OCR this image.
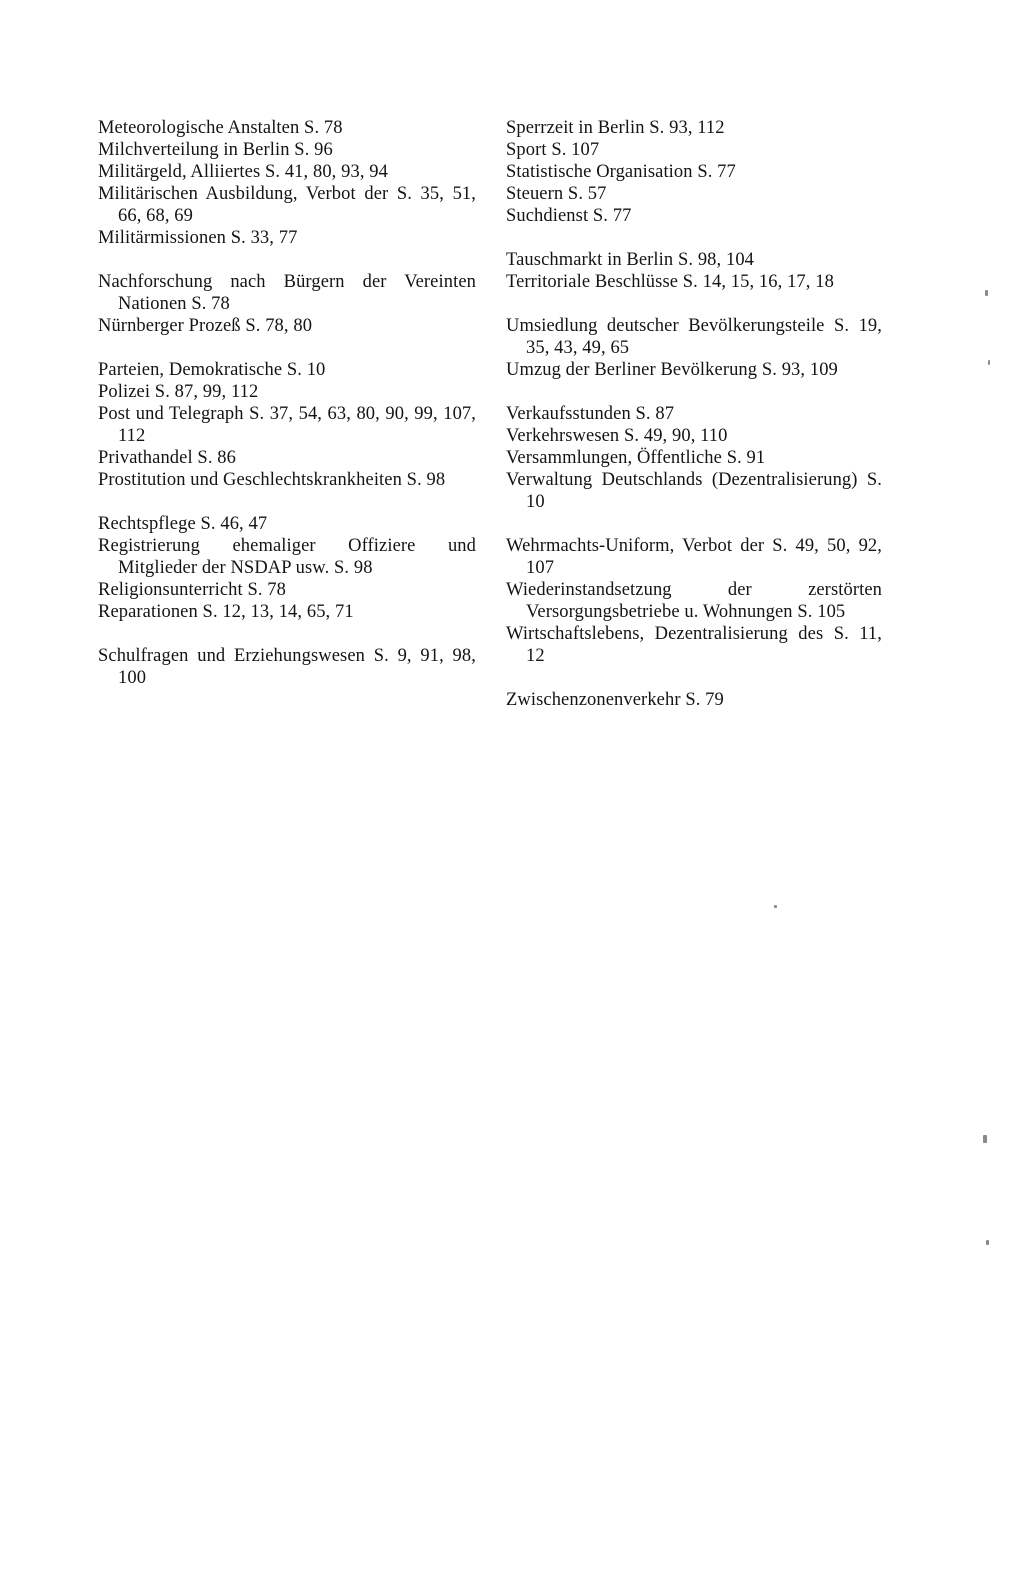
Meteorologische Anstalten S. 78
Milchverteilung in Berlin S. 96
Militärgeld, Alliiertes S. 41, 80, 93, 94
Militärischen Ausbildung, Verbot der S. 35, 51, 66, 68, 69
Militärmissionen S. 33, 77
Nachforschung nach Bürgern der Vereinten Nationen S. 78
Nürnberger Prozeß S. 78, 80
Parteien, Demokratische S. 10
Polizei S. 87, 99, 112
Post und Telegraph S. 37, 54, 63, 80, 90, 99, 107, 112
Privathandel S. 86
Prostitution und Geschlechtskrankheiten S. 98
Rechtspflege S. 46, 47
Registrierung ehemaliger Offiziere und Mitglieder der NSDAP usw. S. 98
Religionsunterricht S. 78
Reparationen S. 12, 13, 14, 65, 71
Schulfragen und Erziehungswesen S. 9, 91, 98, 100
Sperrzeit in Berlin S. 93, 112
Sport S. 107
Statistische Organisation S. 77
Steuern S. 57
Suchdienst S. 77
Tauschmarkt in Berlin S. 98, 104
Territoriale Beschlüsse S. 14, 15, 16, 17, 18
Umsiedlung deutscher Bevölkerungsteile S. 19, 35, 43, 49, 65
Umzug der Berliner Bevölkerung S. 93, 109
Verkaufsstunden S. 87
Verkehrswesen S. 49, 90, 110
Versammlungen, Öffentliche S. 91
Verwaltung Deutschlands (Dezentralisierung) S. 10
Wehrmachts-Uniform, Verbot der S. 49, 50, 92, 107
Wiederinstandsetzung der zerstörten Versorgungsbetriebe u. Wohnungen S. 105
Wirtschaftslebens, Dezentralisierung des S. 11, 12
Zwischenzonenverkehr S. 79
